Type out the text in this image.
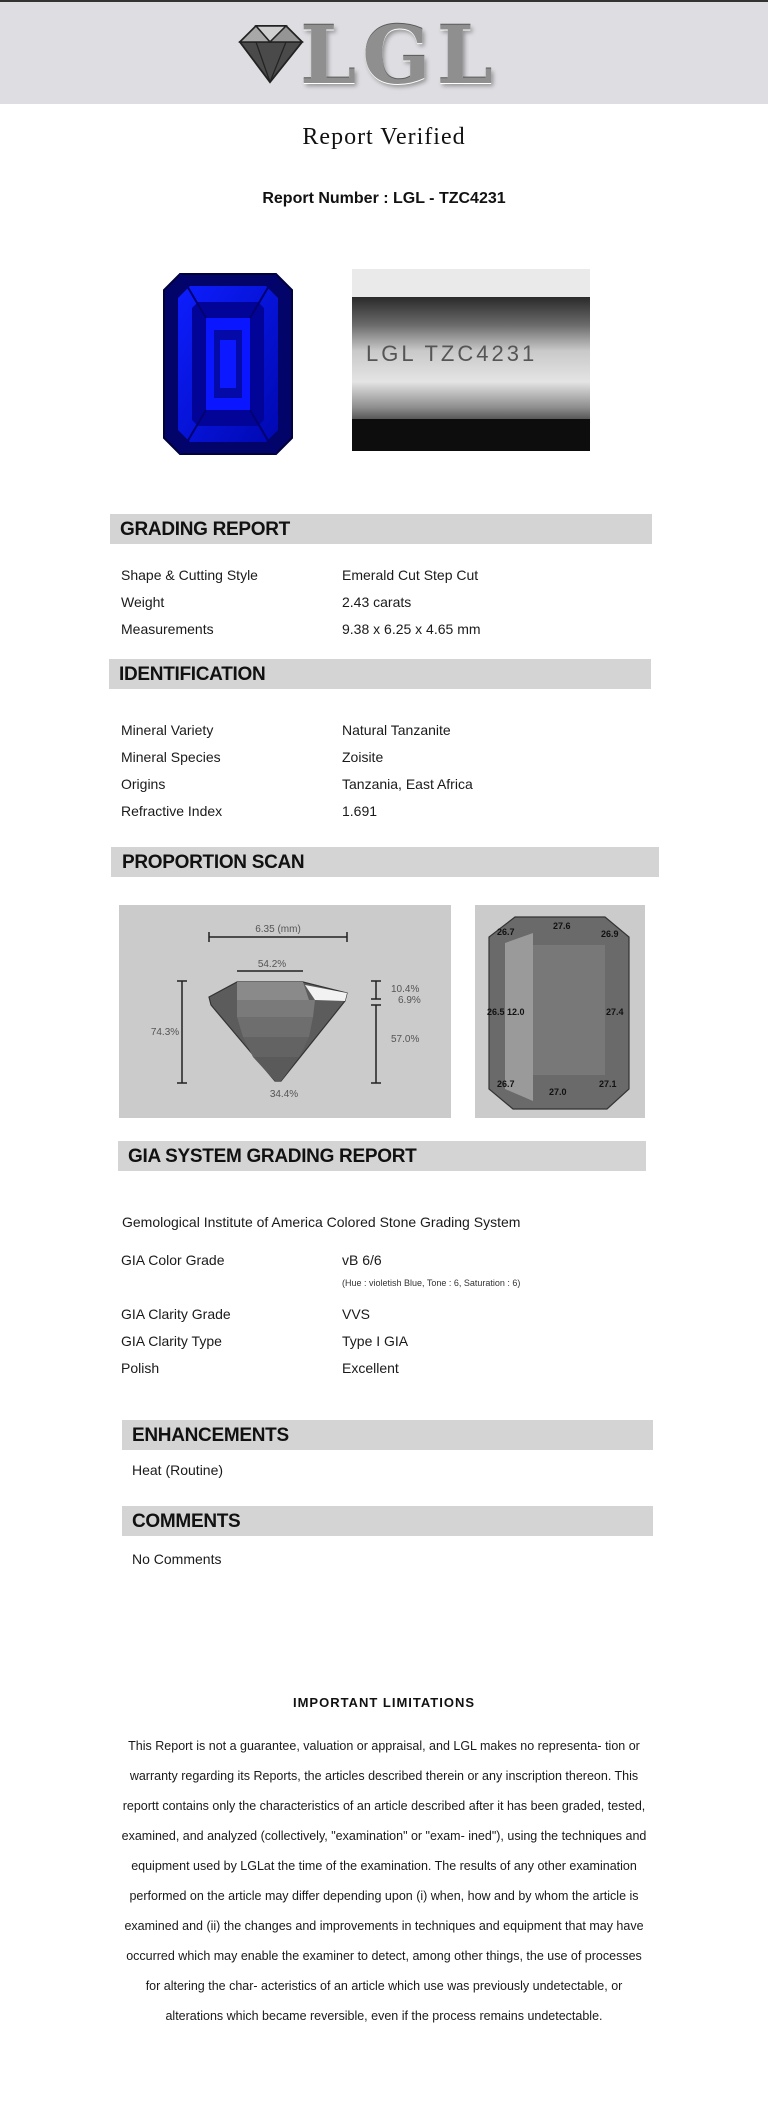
LGL
Report Verified
Report Number : LGL - TZC4231
LGL TZC4231
GRADING REPORT
Shape & Cutting Style	Emerald Cut Step Cut
Weight	2.43 carats
Measurements	9.38 x 6.25 x 4.65 mm
IDENTIFICATION
Mineral Variety	Natural Tanzanite
Mineral Species	Zoisite
Origins	Tanzania, East Africa
Refractive Index	1.691
PROPORTION SCAN
6.35 (mm)
54.2%
74.3%
10.4%
6.9%
57.0%
34.4%
26.7
27.6
26.9
26.5 12.0	27.4
26.7
27.0
27.1
GIA SYSTEM GRADING REPORT
Gemological Institute of America Colored Stone Grading System
GIA Color Grade	vB 6/6
(Hue : violetish Blue, Tone : 6, Saturation : 6)
GIA Clarity Grade	VVS
GIA Clarity Type	Type I GIA
Polish	Excellent
ENHANCEMENTS
Heat (Routine)
COMMENTS
No Comments
IMPORTANT LIMITATIONS
This Report is not a guarantee, valuation or appraisal, and LGL makes no representa- tion or warranty regarding its Reports, the articles described therein or any inscription thereon. This reportt contains only the characteristics of an article described after it has been graded, tested, examined, and analyzed (collectively, "examination" or "exam- ined"), using the techniques and equipment used by LGLat the time of the examination. The results of any other examination performed on the article may differ depending upon (i) when, how and by whom the article is examined and (ii) the changes and improvements in techniques and equipment that may have occurred which may enable the examiner to detect, among other things, the use of processes for altering the char- acteristics of an article which use was previously undetectable, or alterations which became reversible, even if the process remains undetectable.
